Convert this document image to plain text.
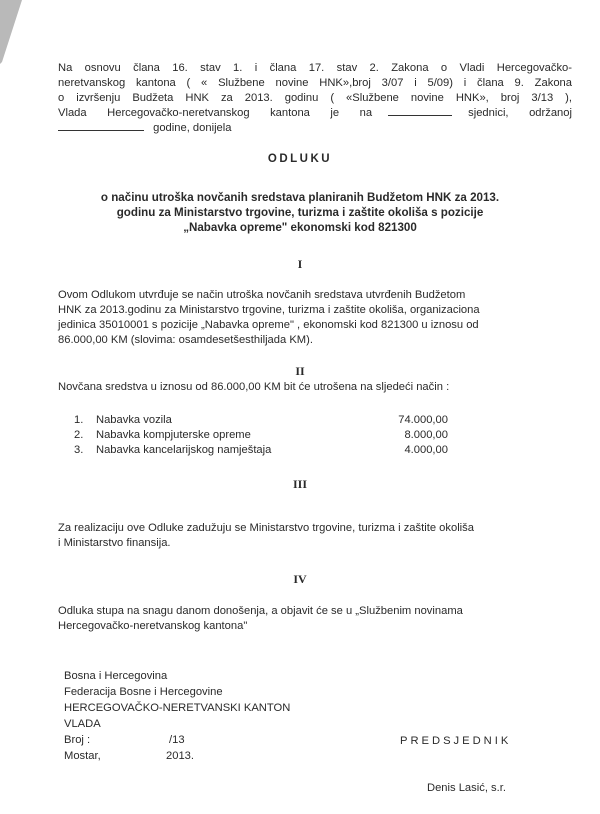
Na osnovu člana 16. stav 1. i člana 17. stav 2. Zakona o Vladi Hercegovačko-
neretvanskog kantona ( « Službene novine HNK»,broj 3/07 i 5/09) i člana 9. Zakona
o izvršenju Budžeta HNK za 2013. godinu ( «Službene novine HNK», broj 3/13 ),
Vlada Hercegovačko-neretvanskog kantona je na	sjednici, održanoj
godine, donijela
ODLUKU
o načinu utroška novčanih sredstava planiranih Budžetom HNK za 2013.
godinu za Ministarstvo trgovine, turizma i zaštite okoliša s pozicije
„Nabavka opreme" ekonomski kod 821300
I
Ovom Odlukom utvrđuje se način utroška novčanih sredstava utvrđenih Budžetom
HNK za 2013.godinu za Ministarstvo trgovine, turizma i zaštite okoliša, organizaciona
jedinica 35010001 s pozicije „Nabavka opreme" , ekonomski kod 821300 u iznosu od
86.000,00 KM (slovima: osamdesetšesthiljada KM).
II
Novčana sredstva u iznosu od 86.000,00 KM bit će utrošena na sljedeći način :
1. Nabavka vozila	74.000,00
2. Nabavka kompjuterske opreme	8.000,00
3. Nabavka kancelarijskog namještaja	4.000,00
III
Za realizaciju ove Odluke zadužuju se Ministarstvo trgovine, turizma i zaštite okoliša
i Ministarstvo finansija.
IV
Odluka stupa na snagu danom donošenja, a objavit će se u „Službenim novinama
Hercegovačko-neretvanskog kantona"
Bosna i Hercegovina
Federacija Bosne i Hercegovine
HERCEGOVAČKO-NERETVANSKI KANTON
VLADA
Broj :	/13
Mostar,	2013.
PREDSJEDNIK
Denis Lasić, s.r.
